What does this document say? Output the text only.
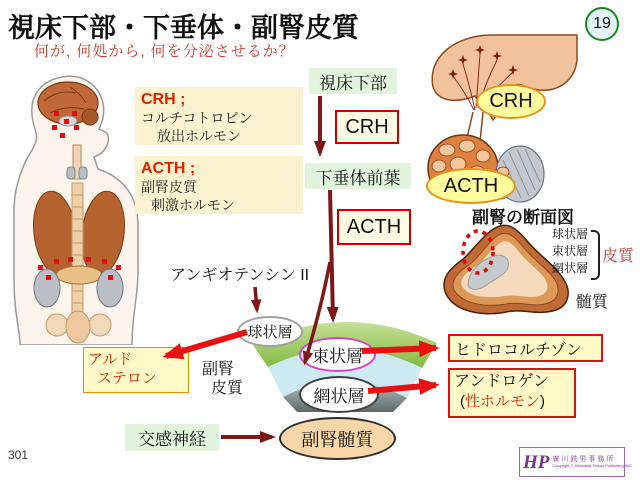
視床下部・下垂体・副腎皮質
何が, 何処から, 何を分泌させるか？
19
CRH ;
コルチコトロピン
放出ホルモン
ACTH ;
副腎皮質
刺激ホルモン
視床下部
CRH
下垂体前葉
ACTH
アンギオテンシン II
CRH
ACTH
副腎の断面図
球状層
束状層
網状層
皮質
髄質
球状層
束状層
網状層
副腎髄質
副腎
皮質
アルド
ステロン
ヒドロコルチゾン
アンドロゲン
(性ホルモン)
交感神経
301	HP 廣川鉄男事務所
Copyright © Hirokawa Tetsuo Publishing INC.
